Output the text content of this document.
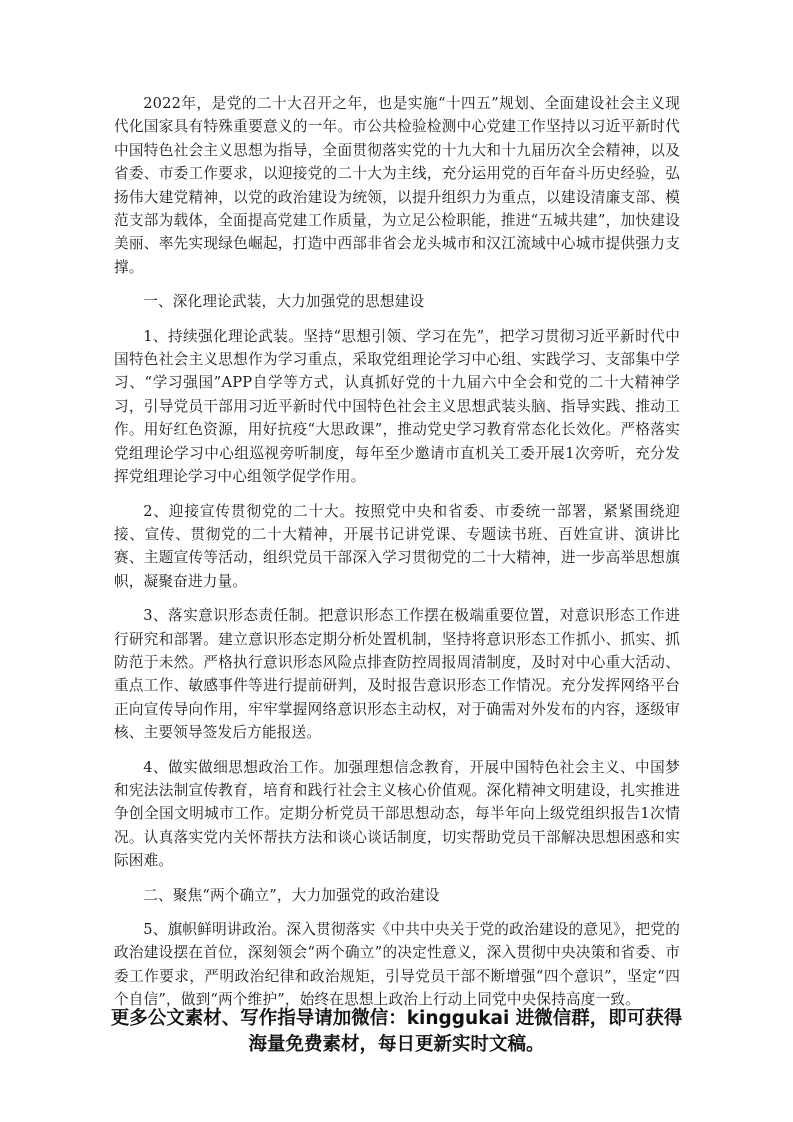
2022年，是党的二十大召开之年，也是实施“十四五”规划、全面建设社会主义现代化国家具有特殊重要意义的一年。市公共检验检测中心党建工作坚持以习近平新时代中国特色社会主义思想为指导，全面贯彻落实党的十九大和十九届历次全会精神，以及省委、市委工作要求，以迎接党的二十大为主线，充分运用党的百年奋斗历史经验，弘扬伟大建党精神，以党的政治建设为统领，以提升组织力为重点，以建设清廉支部、模范支部为载体，全面提高党建工作质量，为立足公检职能，推进“五城共建”，加快建设美丽、率先实现绿色崛起，打造中西部非省会龙头城市和汉江流域中心城市提供强力支撑。

一、深化理论武装，大力加强党的思想建设

1、持续强化理论武装。坚持“思想引领、学习在先”，把学习贯彻习近平新时代中国特色社会主义思想作为学习重点，采取党组理论学习中心组、实践学习、支部集中学习、“学习强国”APP自学等方式，认真抓好党的十九届六中全会和党的二十大精神学习，引导党员干部用习近平新时代中国特色社会主义思想武装头脑、指导实践、推动工作。用好红色资源，用好抗疫“大思政课”，推动党史学习教育常态化长效化。严格落实党组理论学习中心组巡视旁听制度，每年至少邀请市直机关工委开展1次旁听，充分发挥党组理论学习中心组领学促学作用。

2、迎接宣传贯彻党的二十大。按照党中央和省委、市委统一部署，紧紧围绕迎接、宣传、贯彻党的二十大精神，开展书记讲党课、专题读书班、百姓宣讲、演讲比赛、主题宣传等活动，组织党员干部深入学习贯彻党的二十大精神，进一步高举思想旗帜，凝聚奋进力量。

3、落实意识形态责任制。把意识形态工作摆在极端重要位置，对意识形态工作进行研究和部署。建立意识形态定期分析处置机制，坚持将意识形态工作抓小、抓实、抓防范于未然。严格执行意识形态风险点排查防控周报周清制度，及时对中心重大活动、重点工作、敏感事件等进行提前研判，及时报告意识形态工作情况。充分发挥网络平台正向宣传导向作用，牢牢掌握网络意识形态主动权，对于确需对外发布的内容，逐级审核、主要领导签发后方能报送。

4、做实做细思想政治工作。加强理想信念教育，开展中国特色社会主义、中国梦和宪法法制宣传教育，培育和践行社会主义核心价值观。深化精神文明建设，扎实推进争创全国文明城市工作。定期分析党员干部思想动态，每半年向上级党组织报告1次情况。认真落实党内关怀帮扶方法和谈心谈话制度，切实帮助党员干部解决思想困惑和实际困难。

二、聚焦“两个确立”，大力加强党的政治建设

5、旗帜鲜明讲政治。深入贯彻落实《中共中央关于党的政治建设的意见》，把党的政治建设摆在首位，深刻领会“两个确立”的决定性意义，深入贯彻中央决策和省委、市委工作要求，严明政治纪律和政治规矩，引导党员干部不断增强“四个意识”，坚定“四个自信”，做到“两个维护”，始终在思想上政治上行动上同党中央保持高度一致。

更多公文素材、写作指导请加微信：kinggukai 进微信群，即可获得
海量免费素材，每日更新实时文稿。
